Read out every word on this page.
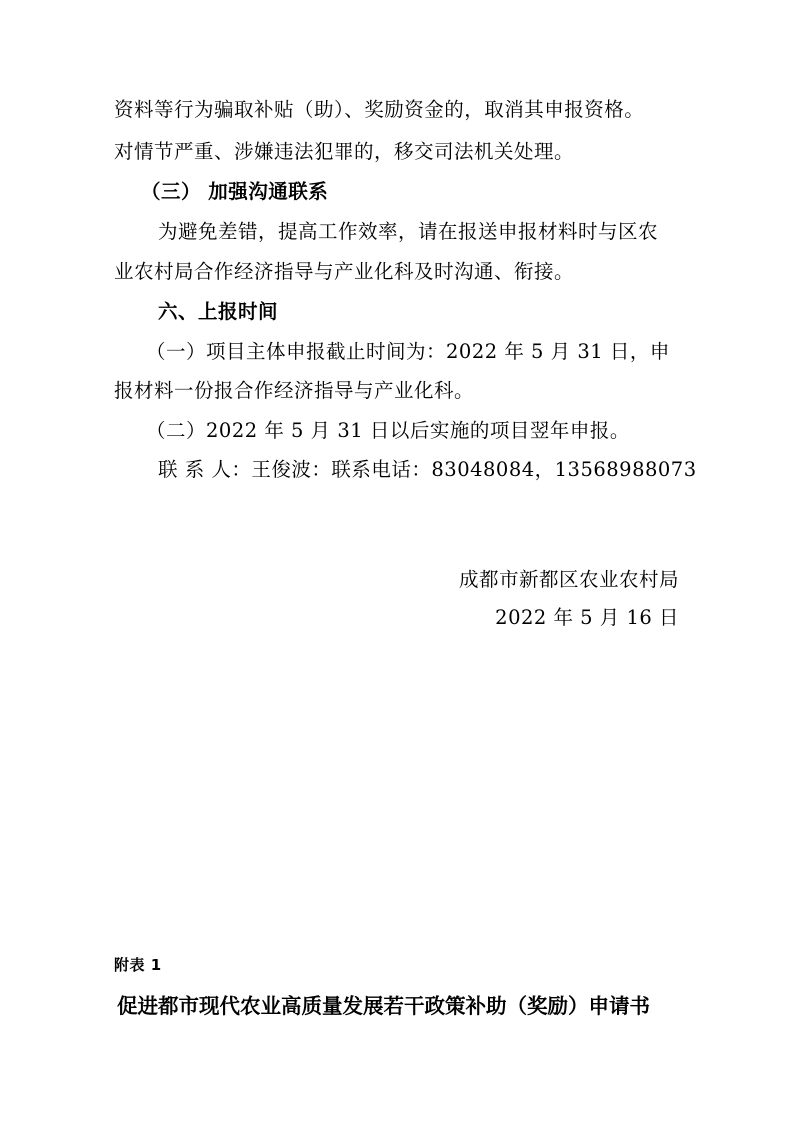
资料等行为骗取补贴（助）、奖励资金的，取消其申报资格。
对情节严重、涉嫌违法犯罪的，移交司法机关处理。
（三） 加强沟通联系
为避免差错，提高工作效率，请在报送申报材料时与区农
业农村局合作经济指导与产业化科及时沟通、衔接。
六、上报时间
（一）项目主体申报截止时间为：2022 年 5 月 31 日，申
报材料一份报合作经济指导与产业化科。
（二）2022 年 5 月 31 日以后实施的项目翌年申报。
联 系 人：王俊波：联系电话：83048084，13568988073
成都市新都区农业农村局
2022 年 5 月 16 日
附表 1
促进都市现代农业高质量发展若干政策补助（奖励）申请书
